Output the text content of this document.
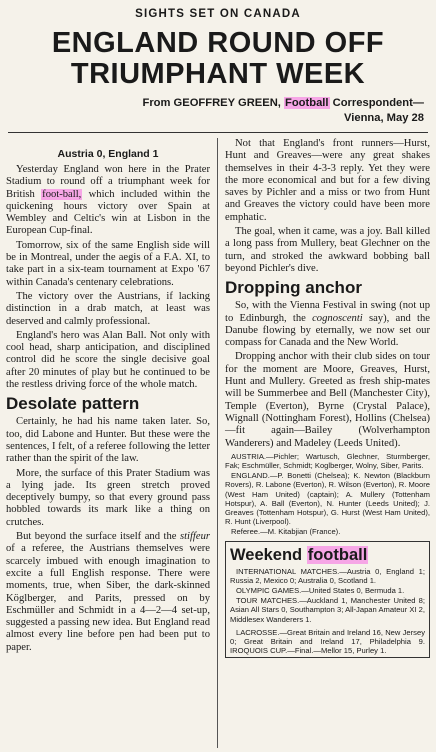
SIGHTS SET ON CANADA
ENGLAND ROUND OFF
TRIUMPHANT WEEK
From GEOFFREY GREEN, Football Correspondent—
Vienna, May 28
Austria 0, England 1

Yesterday England won here in the Prater Stadium to round off a triumphant week for British foot-ball, which included within the quickening hours victory over Spain at Wembley and Celtic's win at Lisbon in the European Cup-final.

Tomorrow, six of the same English side will be in Montreal, under the aegis of a F.A. XI, to take part in a six-team tournament at Expo '67 within Canada's centenary celebrations.

The victory over the Austrians, if lacking distinction in a drab match, at least was deserved and calmly professional.

England's hero was Alan Ball. Not only with cool head, sharp anticipation, and disciplined control did he score the single decisive goal after 20 minutes of play but he continued to be the restless driving force of the whole match.

Desolate pattern

Certainly, he had his name taken later. So, too, did Labone and Hunter. But these were the sentences, I felt, of a referee following the letter rather than the spirit of the law.

More, the surface of this Prater Stadium was a lying jade. Its green stretch proved deceptively bumpy, so that every ground pass hobbled towards its mark like a thing on crutches.

But beyond the surface itself and the stiffeur of a referee, the Austrians themselves were scarcely imbued with enough imagination to excite a full English response. There were moments, true, when Siber, the dark-skinned Köglberger, and Parits, pressed on by Eschmüller and Schmidt in a 4—2—4 set-up, suggested a passing new idea. But England read almost every line before pen had been put to paper.

Not that England's front runners—Hurst, Hunt and Greaves—were any great shakes themselves in their 4-3-3 reply. Yet they were the more economical and but for a few diving saves by Pichler and a miss or two from Hunt and Greaves the victory could have been more emphatic.

The goal, when it came, was a joy. Ball killed a long pass from Mullery, beat Glechner on the turn, and stroked the awkward bobbing ball beyond Pichler's dive.

Dropping anchor

So, with the Vienna Festival in swing (not up to Edinburgh, the cognoscenti say), and the Danube flowing by eternally, we now set our compass for Canada and the New World.

Dropping anchor with their club sides on tour for the moment are Moore, Greaves, Hurst, Hunt and Mullery. Greeted as fresh ship-mates will be Summerbee and Bell (Manchester City), Temple (Everton), Byrne (Crystal Palace), Wignall (Nottingham Forest), Hollins (Chelsea)—fit again—Bailey (Wolverhampton Wanderers) and Madeley (Leeds United).

AUSTRIA.—Pichler; Wartusch, Glechner, Sturmberger, Fak; Eschmüller, Schmidt; Koglberger, Wolny, Siber, Parits.
ENGLAND.—P. Bonetti (Chelsea); K. Newton (Blackburn Rovers), R. Labone (Everton), R. Wilson (Everton), R. Moore (West Ham United) (captain); A. Mullery (Tottenham Hotspur), A. Ball (Everton), N. Hunter (Leeds United); J. Greaves (Tottenham Hotspur), G. Hurst (West Ham United), R. Hunt (Liverpool).
Referee.—M. Kitabjian (France).
Weekend football
INTERNATIONAL MATCHES.—Austria 0, England 1; Russia 2, Mexico 0; Australia 0, Scotland 1.
OLYMPIC GAMES.—United States 0, Bermuda 1.
TOUR MATCHES.—Auckland 1, Manchester United 8; Asian All Stars 0, Southampton 3; All-Japan Amateur XI 2, Middlesex Wanderers 1.
LACROSSE.—Great Britain and Ireland 16, New Jersey 0; Great Britain and Ireland 17, Philadelphia 9. IROQUOIS CUP.—Final.—Mellor 15, Purley 1.
